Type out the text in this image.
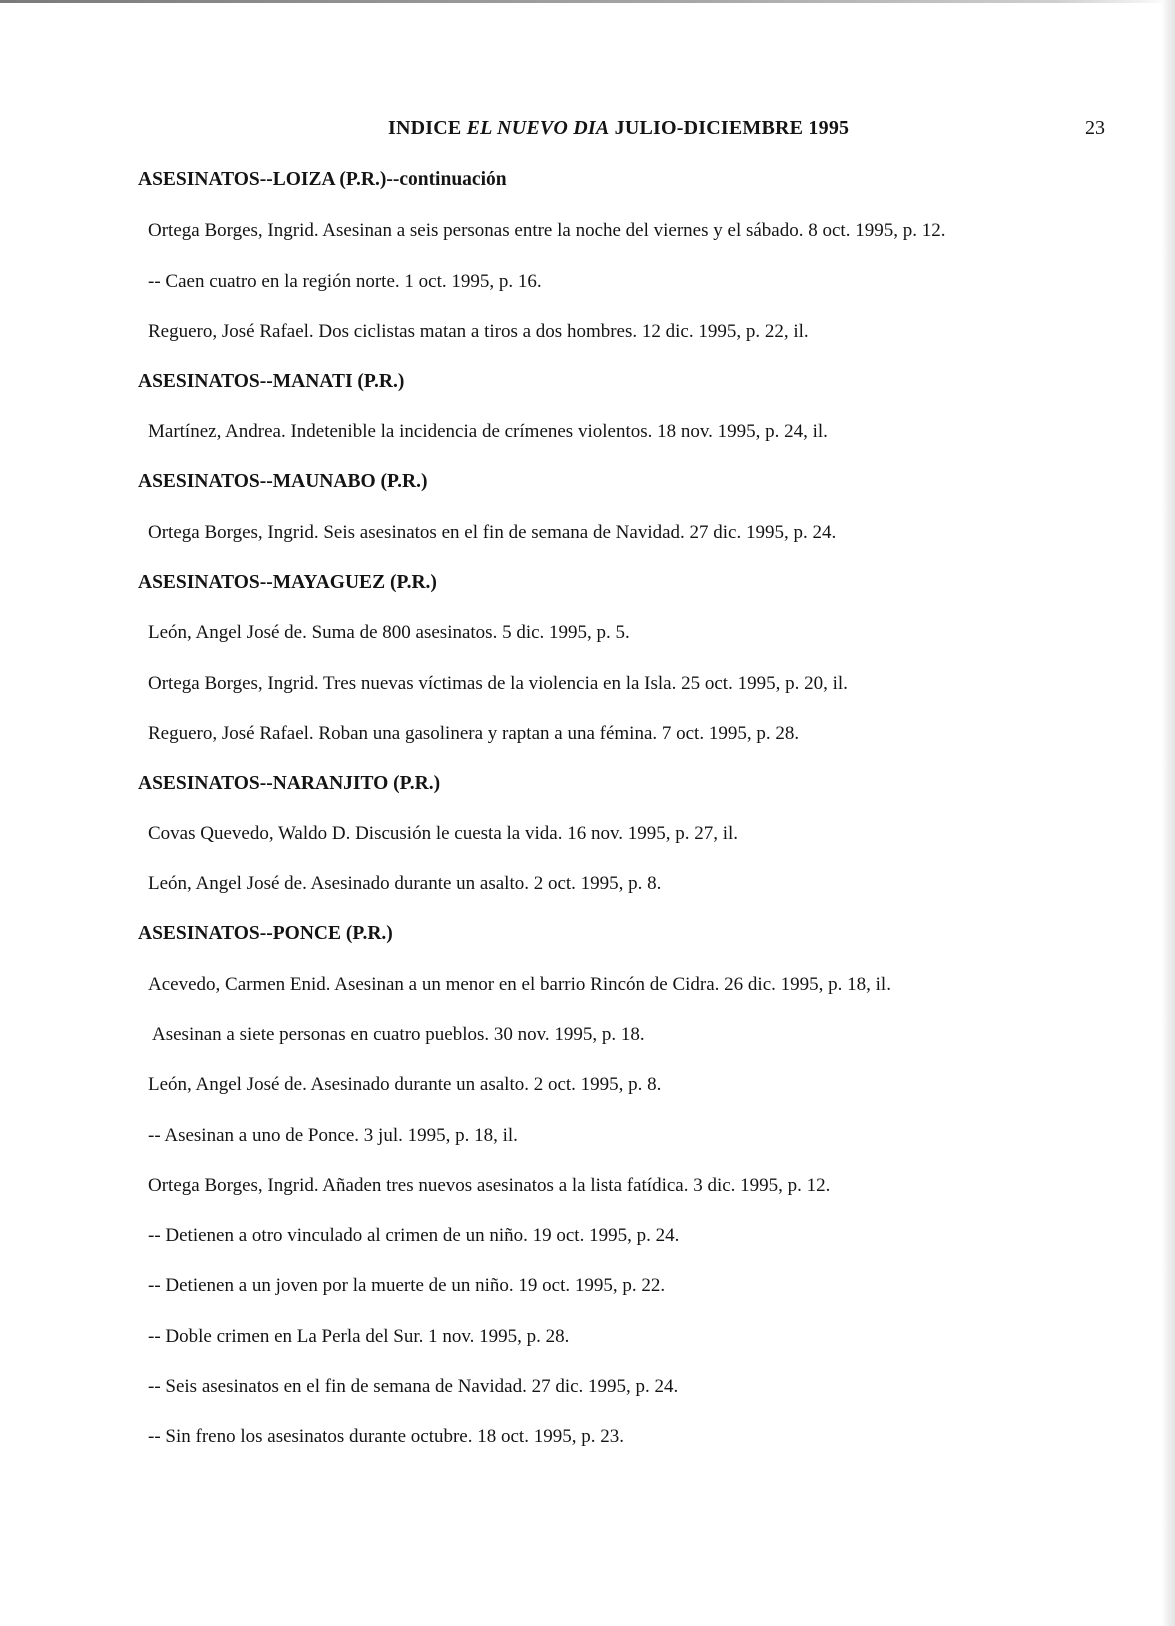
INDICE EL NUEVO DIA JULIO-DICIEMBRE 1995	23
ASESINATOS--LOIZA (P.R.)--continuación
Ortega Borges, Ingrid. Asesinan a seis personas entre la noche del viernes y el sábado. 8 oct. 1995, p. 12.
-- Caen cuatro en la región norte. 1 oct. 1995, p. 16.
Reguero, José Rafael. Dos ciclistas matan a tiros a dos hombres. 12 dic. 1995, p. 22, il.
ASESINATOS--MANATI (P.R.)
Martínez, Andrea. Indetenible la incidencia de crímenes violentos. 18 nov. 1995, p. 24, il.
ASESINATOS--MAUNABO (P.R.)
Ortega Borges, Ingrid. Seis asesinatos en el fin de semana de Navidad. 27 dic. 1995, p. 24.
ASESINATOS--MAYAGUEZ (P.R.)
León, Angel José de. Suma de 800 asesinatos. 5 dic. 1995, p. 5.
Ortega Borges, Ingrid. Tres nuevas víctimas de la violencia en la Isla. 25 oct. 1995, p. 20, il.
Reguero, José Rafael. Roban una gasolinera y raptan a una fémina. 7 oct. 1995, p. 28.
ASESINATOS--NARANJITO (P.R.)
Covas Quevedo, Waldo D. Discusión le cuesta la vida. 16 nov. 1995, p. 27, il.
León, Angel José de. Asesinado durante un asalto. 2 oct. 1995, p. 8.
ASESINATOS--PONCE (P.R.)
Acevedo, Carmen Enid. Asesinan a un menor en el barrio Rincón de Cidra. 26 dic. 1995, p. 18, il.
Asesinan a siete personas en cuatro pueblos. 30 nov. 1995, p. 18.
León, Angel José de. Asesinado durante un asalto. 2 oct. 1995, p. 8.
-- Asesinan a uno de Ponce. 3 jul. 1995, p. 18, il.
Ortega Borges, Ingrid. Añaden tres nuevos asesinatos a la lista fatídica. 3 dic. 1995, p. 12.
-- Detienen a otro vinculado al crimen de un niño. 19 oct. 1995, p. 24.
-- Detienen a un joven por la muerte de un niño. 19 oct. 1995, p. 22.
-- Doble crimen en La Perla del Sur. 1 nov. 1995, p. 28.
-- Seis asesinatos en el fin de semana de Navidad. 27 dic. 1995, p. 24.
-- Sin freno los asesinatos durante octubre. 18 oct. 1995, p. 23.
